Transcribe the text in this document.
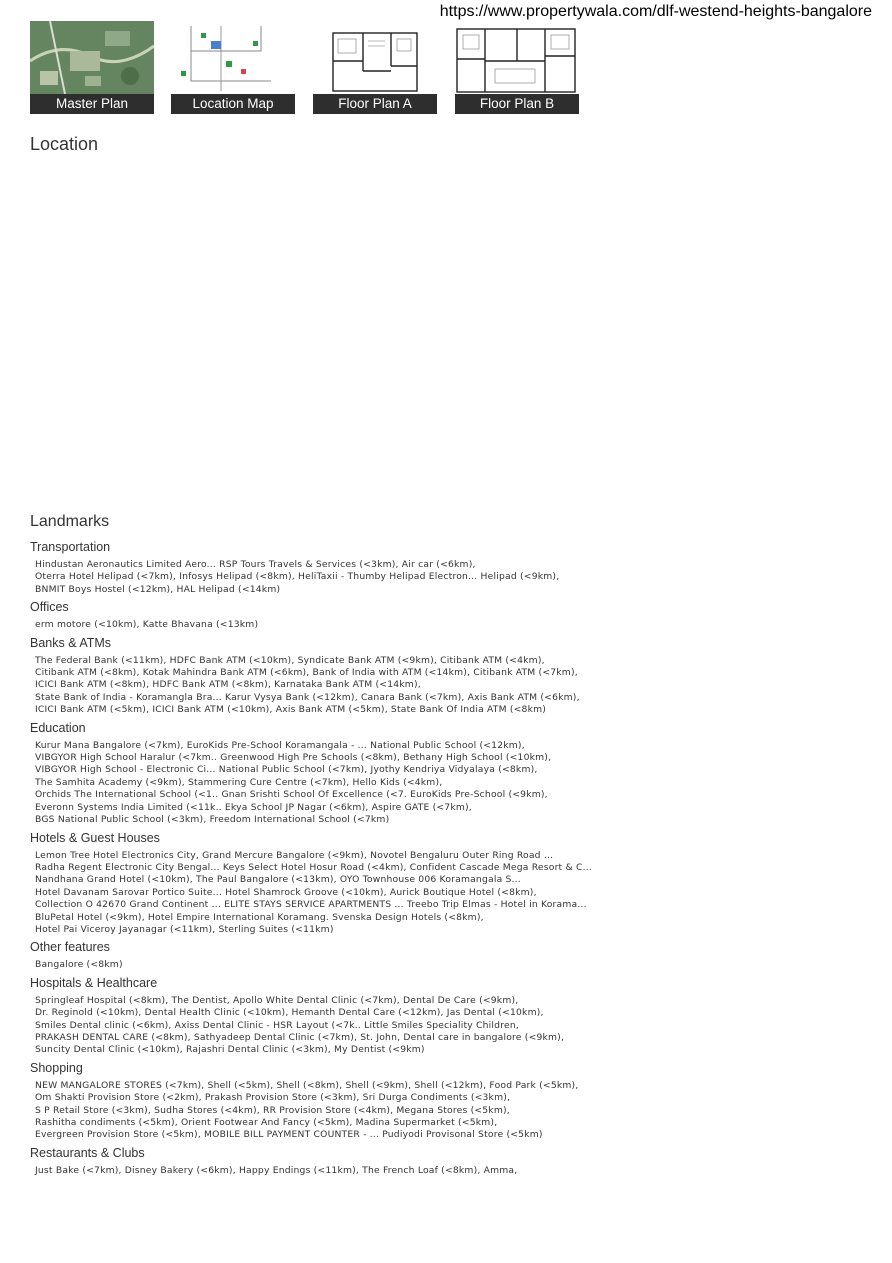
https://www.propertywala.com/dlf-westend-heights-bangalore
Master Plan	Location Map	Floor Plan A	Floor Plan B
Location
Landmarks
Transportation
Hindustan Aeronautics Limited Aero... RSP Tours Travels & Services (<3km), Air car (<6km),
Oterra Hotel Helipad (<7km), Infosys Helipad (<8km), HeliTaxii - Thumby Helipad Electron... Helipad (<9km),
BNMIT Boys Hostel (<12km), HAL Helipad (<14km)
Offices
erm motore (<10km), Katte Bhavana (<13km)
Banks & ATMs
The Federal Bank (<11km), HDFC Bank ATM (<10km), Syndicate Bank ATM (<9km), Citibank ATM (<4km),
Citibank ATM (<8km), Kotak Mahindra Bank ATM (<6km), Bank of India with ATM (<14km), Citibank ATM (<7km),
ICICI Bank ATM (<8km), HDFC Bank ATM (<8km), Karnataka Bank ATM (<14km),
State Bank of India - Koramangla Bra... Karur Vysya Bank (<12km), Canara Bank (<7km), Axis Bank ATM (<6km),
ICICI Bank ATM (<5km), ICICI Bank ATM (<10km), Axis Bank ATM (<5km), State Bank Of India ATM (<8km)
Education
Kurur Mana Bangalore (<7km), EuroKids Pre-School Koramangala - ... National Public School (<12km),
VIBGYOR High School Haralur (<7km.. Greenwood High Pre Schools (<8km), Bethany High School (<10km),
VIBGYOR High School - Electronic Ci... National Public School (<7km), Jyothy Kendriya Vidyalaya (<8km),
The Samhita Academy (<9km), Stammering Cure Centre (<7km), Hello Kids (<4km),
Orchids The International School (<1.. Gnan Srishti School Of Excellence (<7. EuroKids Pre-School (<9km),
Everonn Systems India Limited (<11k.. Ekya School JP Nagar (<6km), Aspire GATE (<7km),
BGS National Public School (<3km), Freedom International School (<7km)
Hotels & Guest Houses
Lemon Tree Hotel Electronics City, Grand Mercure Bangalore (<9km), Novotel Bengaluru Outer Ring Road ...
Radha Regent Electronic City Bengal... Keys Select Hotel Hosur Road (<4km), Confident Cascade Mega Resort & C...
Nandhana Grand Hotel (<10km), The Paul Bangalore (<13km), OYO Townhouse 006 Koramangala S...
Hotel Davanam Sarovar Portico Suite... Hotel Shamrock Groove (<10km), Aurick Boutique Hotel (<8km),
Collection O 42670 Grand Continent ... ELITE STAYS SERVICE APARTMENTS ... Treebo Trip Elmas - Hotel in Korama...
BluPetal Hotel (<9km), Hotel Empire International Koramang. Svenska Design Hotels (<8km),
Hotel Pai Viceroy Jayanagar (<11km), Sterling Suites (<11km)
Other features
Bangalore (<8km)
Hospitals & Healthcare
Springleaf Hospital (<8km), The Dentist, Apollo White Dental Clinic (<7km), Dental De Care (<9km),
Dr. Reginold (<10km), Dental Health Clinic (<10km), Hemanth Dental Care (<12km), Jas Dental (<10km),
Smiles Dental clinic (<6km), Axiss Dental Clinic - HSR Layout (<7k.. Little Smiles Speciality Children,
PRAKASH DENTAL CARE (<8km), Sathyadeep Dental Clinic (<7km), St. John, Dental care in bangalore (<9km),
Suncity Dental Clinic (<10km), Rajashri Dental Clinic (<3km), My Dentist (<9km)
Shopping
NEW MANGALORE STORES (<7km), Shell (<5km), Shell (<8km), Shell (<9km), Shell (<12km), Food Park (<5km),
Om Shakti Provision Store (<2km), Prakash Provision Store (<3km), Sri Durga Condiments (<3km),
S P Retail Store (<3km), Sudha Stores (<4km), RR Provision Store (<4km), Megana Stores (<5km),
Rashitha condiments (<5km), Orient Footwear And Fancy (<5km), Madina Supermarket (<5km),
Evergreen Provision Store (<5km), MOBILE BILL PAYMENT COUNTER - ... Pudiyodi Provisonal Store (<5km)
Restaurants & Clubs
Just Bake (<7km), Disney Bakery (<6km), Happy Endings (<11km), The French Loaf (<8km), Amma,
